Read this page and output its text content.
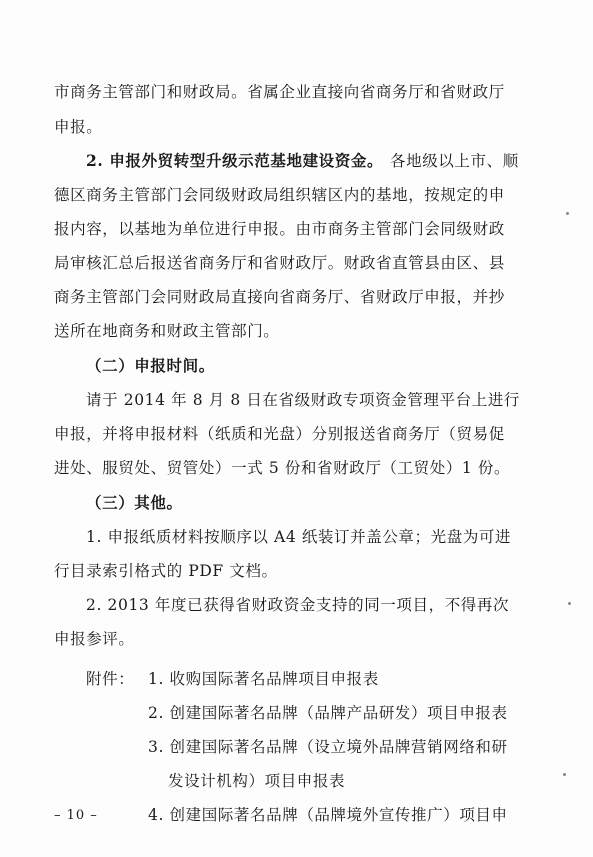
市商务主管部门和财政局。省属企业直接向省商务厅和省财政厅
申报。
2. 申报外贸转型升级示范基地建设资金。 各地级以上市、顺
德区商务主管部门会同级财政局组织辖区内的基地，按规定的申
报内容，以基地为单位进行申报。由市商务主管部门会同级财政
局审核汇总后报送省商务厅和省财政厅。财政省直管县由区、县
商务主管部门会同财政局直接向省商务厅、省财政厅申报，并抄
送所在地商务和财政主管部门。
（二）申报时间。
请于 2014 年 8 月 8 日在省级财政专项资金管理平台上进行
申报，并将申报材料（纸质和光盘）分别报送省商务厅（贸易促
进处、服贸处、贸管处）一式 5 份和省财政厅（工贸处）1 份。
（三）其他。
1. 申报纸质材料按顺序以 A4 纸装订并盖公章；光盘为可进
行目录索引格式的 PDF 文档。
2. 2013 年度已获得省财政资金支持的同一项目，不得再次
申报参评。
附件： 1. 收购国际著名品牌项目申报表
2. 创建国际著名品牌（品牌产品研发）项目申报表
3. 创建国际著名品牌（设立境外品牌营销网络和研
发设计机构）项目申报表
4. 创建国际著名品牌（品牌境外宣传推广）项目申
– 10 –
